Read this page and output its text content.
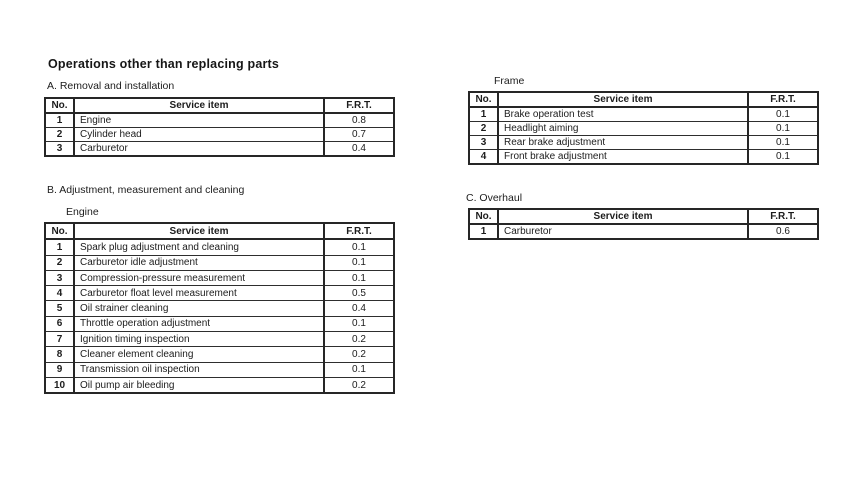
Operations other than replacing parts
A. Removal and installation
No.	Service item	F.R.T.
1	Engine	0.8
2	Cylinder head	0.7
3	Carburetor	0.4
B. Adjustment, measurement and cleaning
Engine
No.	Service item	F.R.T.
1	Spark plug adjustment and cleaning	0.1
2	Carburetor idle adjustment	0.1
3	Compression-pressure measurement	0.1
4	Carburetor float level measurement	0.5
5	Oil strainer cleaning	0.4
6	Throttle operation adjustment	0.1
7	Ignition timing inspection	0.2
8	Cleaner element cleaning	0.2
9	Transmission oil inspection	0.1
10	Oil pump air bleeding	0.2
Frame
No.	Service item	F.R.T.
1	Brake operation test	0.1
2	Headlight aiming	0.1
3	Rear brake adjustment	0.1
4	Front brake adjustment	0.1
C. Overhaul
No.	Service item	F.R.T.
1	Carburetor	0.6
